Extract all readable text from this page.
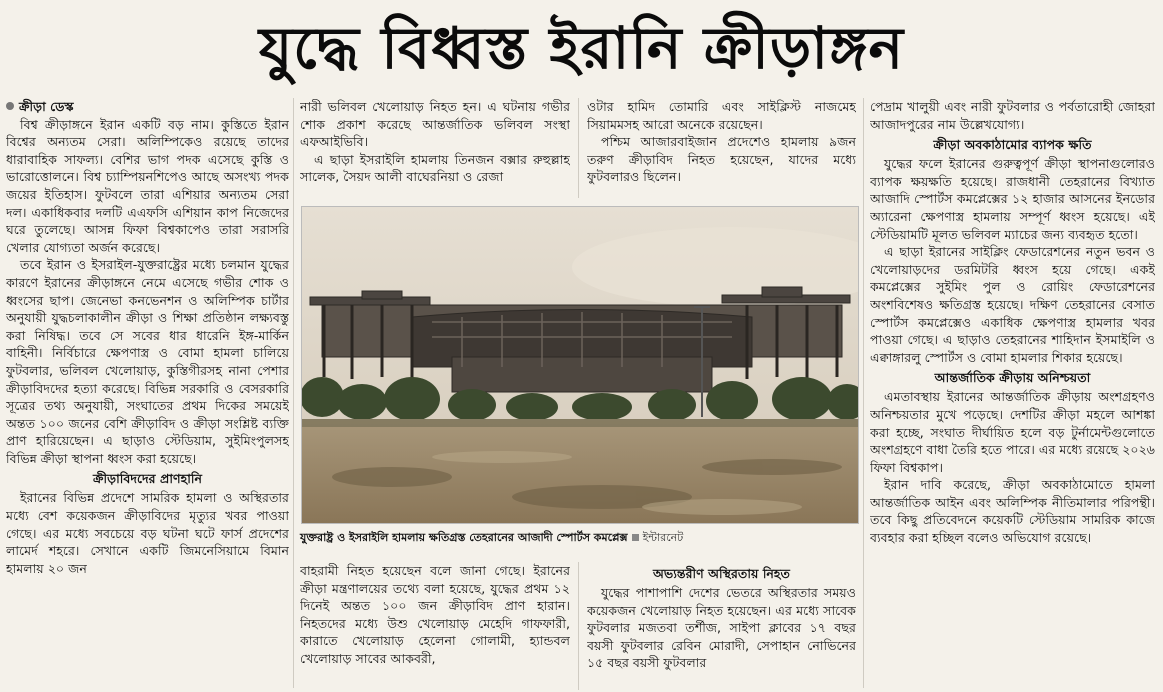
যুদ্ধে বিধ্বস্ত ইরানি ক্রীড়াঙ্গন
ক্রীড়া ডেস্ক

বিশ্ব ক্রীড়াঙ্গনে ইরান একটি বড় নাম। কুস্তিতে ইরান বিশ্বের অন্যতম সেরা। অলিম্পিকেও রয়েছে তাদের ধারাবাহিক সাফল্য। বেশির ভাগ পদক এসেছে কুস্তি ও ভারোত্তোলনে। বিশ্ব চ্যাম্পিয়নশিপেও আছে অসংখ্য পদক জয়ের ইতিহাস। ফুটবলে তারা এশিয়ার অন্যতম সেরা দল। একাধিকবার দলটি এএফসি এশিয়ান কাপ নিজেদের ঘরে তুলেছে। আসন্ন ফিফা বিশ্বকাপেও তারা সরাসরি খেলার যোগ্যতা অর্জন করেছে।

তবে ইরান ও ইসরাইল-যুক্তরাষ্ট্রের মধ্যে চলমান যুদ্ধের কারণে ইরানের ক্রীড়াঙ্গনে নেমে এসেছে গভীর শোক ও ধ্বংসের ছাপ। জেনেভা কনভেনশন ও অলিম্পিক চার্টার অনুযায়ী যুদ্ধচলাকালীন ক্রীড়া ও শিক্ষা প্রতিষ্ঠান লক্ষ্যবস্তু করা নিষিদ্ধ। তবে সে সবের ধার ধারেনি ইঙ্গ-মার্কিন বাহিনী। নির্বিচারে ক্ষেপণাস্ত্র ও বোমা হামলা চালিয়ে ফুটবলার, ভলিবল খেলোয়াড়, কুস্তিগীরসহ নানা পেশার ক্রীড়াবিদদের হত্যা করেছে। বিভিন্ন সরকারি ও বেসরকারি সূত্রের তথ্য অনুযায়ী, সংঘাতের প্রথম দিকের সময়েই অন্তত ১০০ জনের বেশি ক্রীড়াবিদ ও ক্রীড়া সংশ্লিষ্ট ব্যক্তি প্রাণ হারিয়েছেন। এ ছাড়াও স্টেডিয়াম, সুইমিংপুলসহ বিভিন্ন ক্রীড়া স্থাপনা ধ্বংস করা হয়েছে।

ক্রীড়াবিদদের প্রাণহানি

ইরানের বিভিন্ন প্রদেশে সামরিক হামলা ও অস্থিরতার মধ্যে বেশ কয়েকজন ক্রীড়াবিদের মৃত্যুর খবর পাওয়া গেছে। এর মধ্যে সবচেয়ে বড় ঘটনা ঘটে ফার্স প্রদেশের লামের্দ শহরে। সেখানে একটি জিমনেসিয়ামে বিমান হামলায় ২০ জন

নারী ভলিবল খেলোয়াড় নিহত হন। এ ঘটনায় গভীর শোক প্রকাশ করেছে আন্তর্জাতিক ভলিবল সংস্থা এফআইভিবি।

এ ছাড়া ইসরাইলি হামলায় তিনজন বক্সার রুহুল্লাহ সালেক, সৈয়দ আলী বাঘেরনিয়া ও রেজা

ওটার হামিদ তোমারি এবং সাইক্লিস্ট নাজমেহ সিয়ামমসহ আরো অনেকে রয়েছেন।

পশ্চিম আজারবাইজান প্রদেশেও হামলায় ৯জন তরুণ ক্রীড়াবিদ নিহত হয়েছেন, যাদের মধ্যে ফুটবলারও ছিলেন।

যুক্তরাষ্ট্র ও ইসরাইলি হামলায় ক্ষতিগ্রস্ত তেহরানের আজাদী স্পোর্টস কমপ্লেক্স ইন্টারনেট

বাহরামী নিহত হয়েছেন বলে জানা গেছে। ইরানের ক্রীড়া মন্ত্রণালয়ের তথ্যে বলা হয়েছে, যুদ্ধের প্রথম ১২ দিনেই অন্তত ১০০ জন ক্রীড়াবিদ প্রাণ হারান। নিহতদের মধ্যে উশু খেলোয়াড় মেহেদি গাফফারী, কারাতে খেলোয়াড় হেলেনা গোলামী, হ্যান্ডবল খেলোয়াড় সাবের আকবরী,

অভ্যন্তরীণ অস্থিরতায় নিহত

যুদ্ধের পাশাপাশি দেশের ভেতরে অস্থিরতার সময়ও কয়েকজন খেলোয়াড় নিহত হয়েছেন। এর মধ্যে সাবেক ফুটবলার মজতবা তর্শীজ, সাইপা ক্লাবের ১৭ বছর বয়সী ফুটবলার রেবিন মোরাদী, সেপাহান নোভিনের ১৫ বছর বয়সী ফুটবলার

পেদ্রাম খালুয়ী এবং নারী ফুটবলার ও পর্বতারোহী জোহরা আজাদপুরের নাম উল্লেখযোগ্য।

ক্রীড়া অবকাঠামোর ব্যাপক ক্ষতি

যুদ্ধের ফলে ইরানের গুরুত্বপূর্ণ ক্রীড়া স্থাপনাগুলোরও ব্যাপক ক্ষয়ক্ষতি হয়েছে। রাজধানী তেহরানের বিখ্যাত আজাদি স্পোর্টস কমপ্লেক্সের ১২ হাজার আসনের ইনডোর অ্যারেনা ক্ষেপণাস্ত্র হামলায় সম্পূর্ণ ধ্বংস হয়েছে। এই স্টেডিয়ামটি মূলত ভলিবল ম্যাচের জন্য ব্যবহৃত হতো।

এ ছাড়া ইরানের সাইক্লিং ফেডারেশনের নতুন ভবন ও খেলোয়াড়দের ডরমিটরি ধ্বংস হয়ে গেছে। একই কমপ্লেক্সের সুইমিং পুল ও রোয়িং ফেডারেশনের অংশবিশেষও ক্ষতিগ্রস্ত হয়েছে। দক্ষিণ তেহরানের বেসাত স্পোর্টস কমপ্লেক্সেও একাধিক ক্ষেপণাস্ত্র হামলার খবর পাওয়া গেছে। এ ছাড়াও তেহরানের শাহিদান ইসমাইলি ও এক্বাঙ্গারলু স্পোর্টস ও বোমা হামলার শিকার হয়েছে।

আন্তর্জাতিক ক্রীড়ায় অনিশ্চয়তা

এমতাবস্থায় ইরানের আন্তর্জাতিক ক্রীড়ায় অংশগ্রহণও অনিশ্চয়তার মুখে পড়েছে। দেশটির ক্রীড়া মহলে আশঙ্কা করা হচ্ছে, সংঘাত দীর্ঘায়িত হলে বড় টুর্নামেন্টগুলোতে অংশগ্রহণে বাধা তৈরি হতে পারে। এর মধ্যে রয়েছে ২০২৬ ফিফা বিশ্বকাপ।

ইরান দাবি করেছে, ক্রীড়া অবকাঠামোতে হামলা আন্তর্জাতিক আইন এবং অলিম্পিক নীতিমালার পরিপন্থী। তবে কিছু প্রতিবেদনে কয়েকটি স্টেডিয়াম সামরিক কাজে ব্যবহার করা হচ্ছিল বলেও অভিযোগ রয়েছে।
